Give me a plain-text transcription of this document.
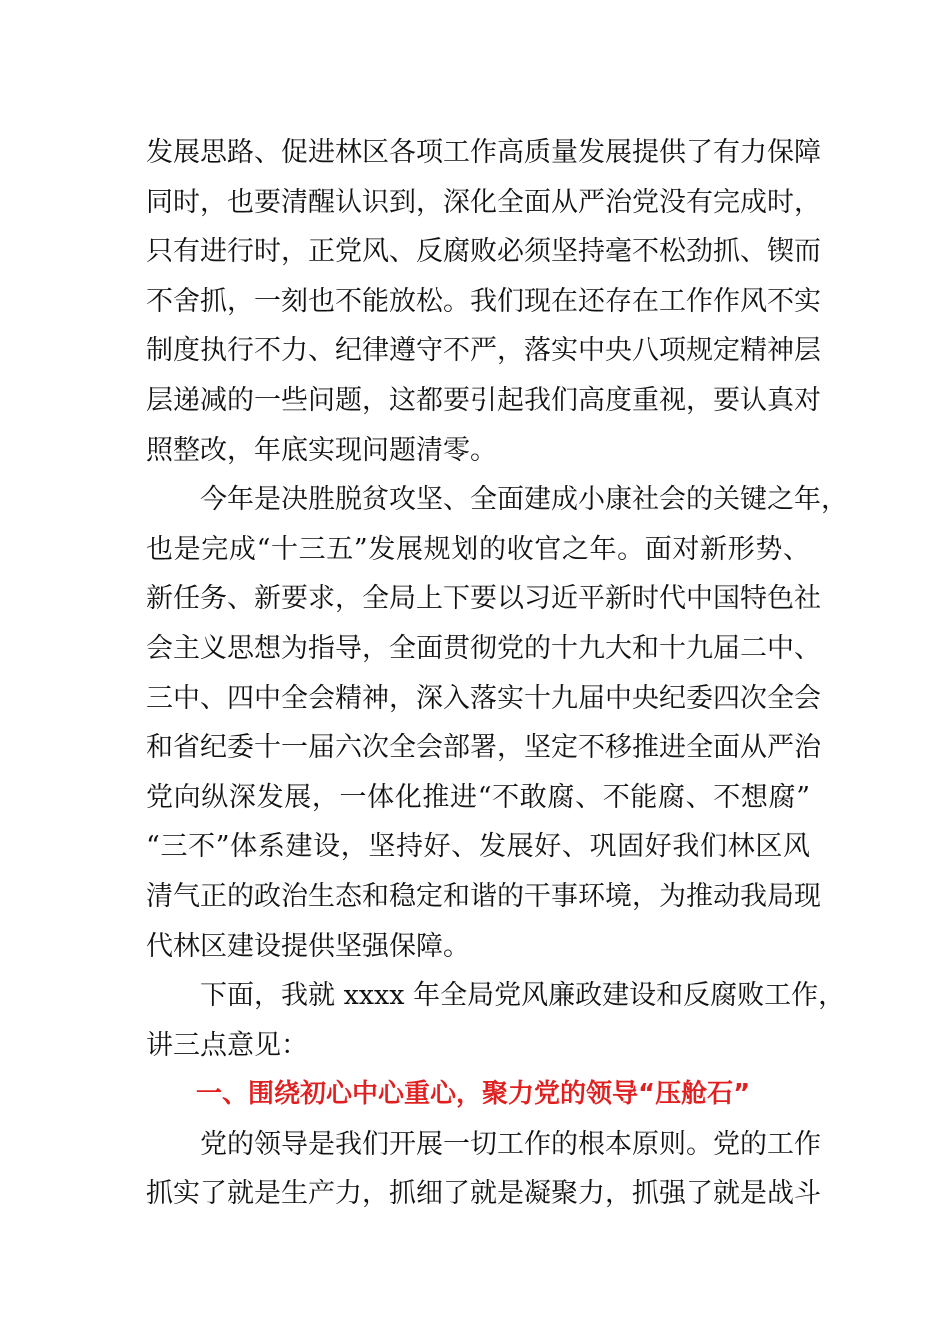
发展思路、促进林区各项工作高质量发展提供了有力保障
同时，也要清醒认识到，深化全面从严治党没有完成时，
只有进行时，正党风、反腐败必须坚持毫不松劲抓、锲而
不舍抓，一刻也不能放松。我们现在还存在工作作风不实
制度执行不力、纪律遵守不严，落实中央八项规定精神层
层递减的一些问题，这都要引起我们高度重视，要认真对
照整改，年底实现问题清零。
今年是决胜脱贫攻坚、全面建成小康社会的关键之年，
也是完成“十三五”发展规划的收官之年。面对新形势、
新任务、新要求，全局上下要以习近平新时代中国特色社
会主义思想为指导，全面贯彻党的十九大和十九届二中、
三中、四中全会精神，深入落实十九届中央纪委四次全会
和省纪委十一届六次全会部署，坚定不移推进全面从严治
党向纵深发展，一体化推进“不敢腐、不能腐、不想腐”
“三不”体系建设，坚持好、发展好、巩固好我们林区风
清气正的政治生态和稳定和谐的干事环境，为推动我局现
代林区建设提供坚强保障。
下面，我就 xxxx 年全局党风廉政建设和反腐败工作，
讲三点意见：
一、围绕初心中心重心，聚力党的领导“压舱石”
党的领导是我们开展一切工作的根本原则。党的工作
抓实了就是生产力，抓细了就是凝聚力，抓强了就是战斗
